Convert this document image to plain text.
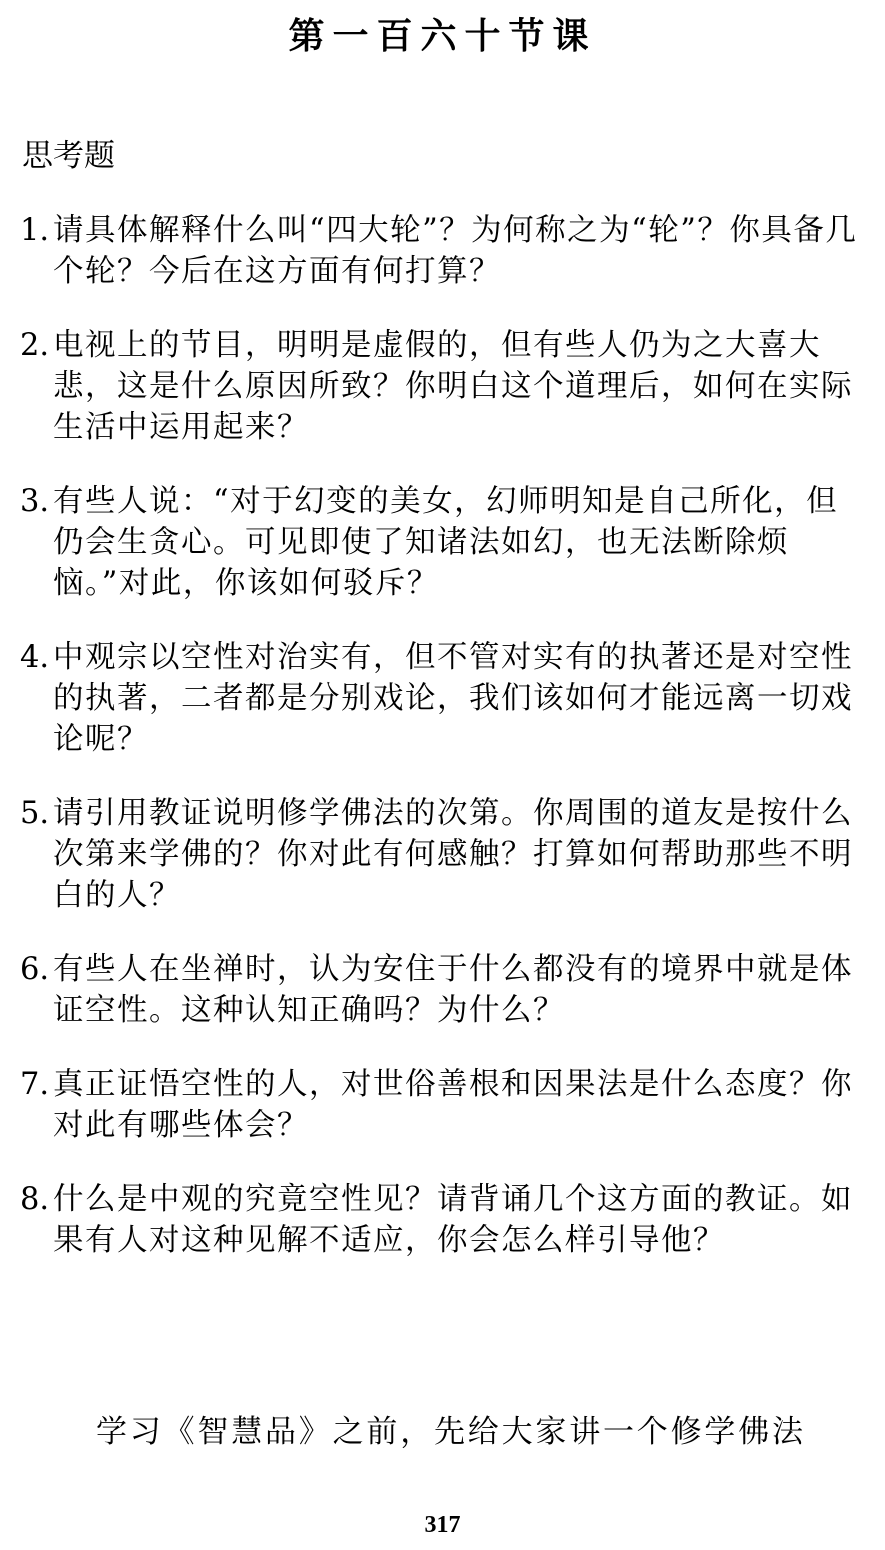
第一百六十节课
思考题
1. 请具体解释什么叫“四大轮”？为何称之为“轮”？你具备几个轮？今后在这方面有何打算？
2. 电视上的节目，明明是虚假的，但有些人仍为之大喜大悲，这是什么原因所致？你明白这个道理后，如何在实际生活中运用起来？
3. 有些人说：“对于幻变的美女，幻师明知是自己所化，但仍会生贪心。可见即使了知诸法如幻，也无法断除烦恼。”对此，你该如何驳斥？
4. 中观宗以空性对治实有，但不管对实有的执著还是对空性的执著，二者都是分别戏论，我们该如何才能远离一切戏论呢？
5. 请引用教证说明修学佛法的次第。你周围的道友是按什么次第来学佛的？你对此有何感触？打算如何帮助那些不明白的人？
6. 有些人在坐禅时，认为安住于什么都没有的境界中就是体证空性。这种认知正确吗？为什么？
7. 真正证悟空性的人，对世俗善根和因果法是什么态度？你对此有哪些体会？
8. 什么是中观的究竟空性见？请背诵几个这方面的教证。如果有人对这种见解不适应，你会怎么样引导他？
学习《智慧品》之前，先给大家讲一个修学佛法
317
